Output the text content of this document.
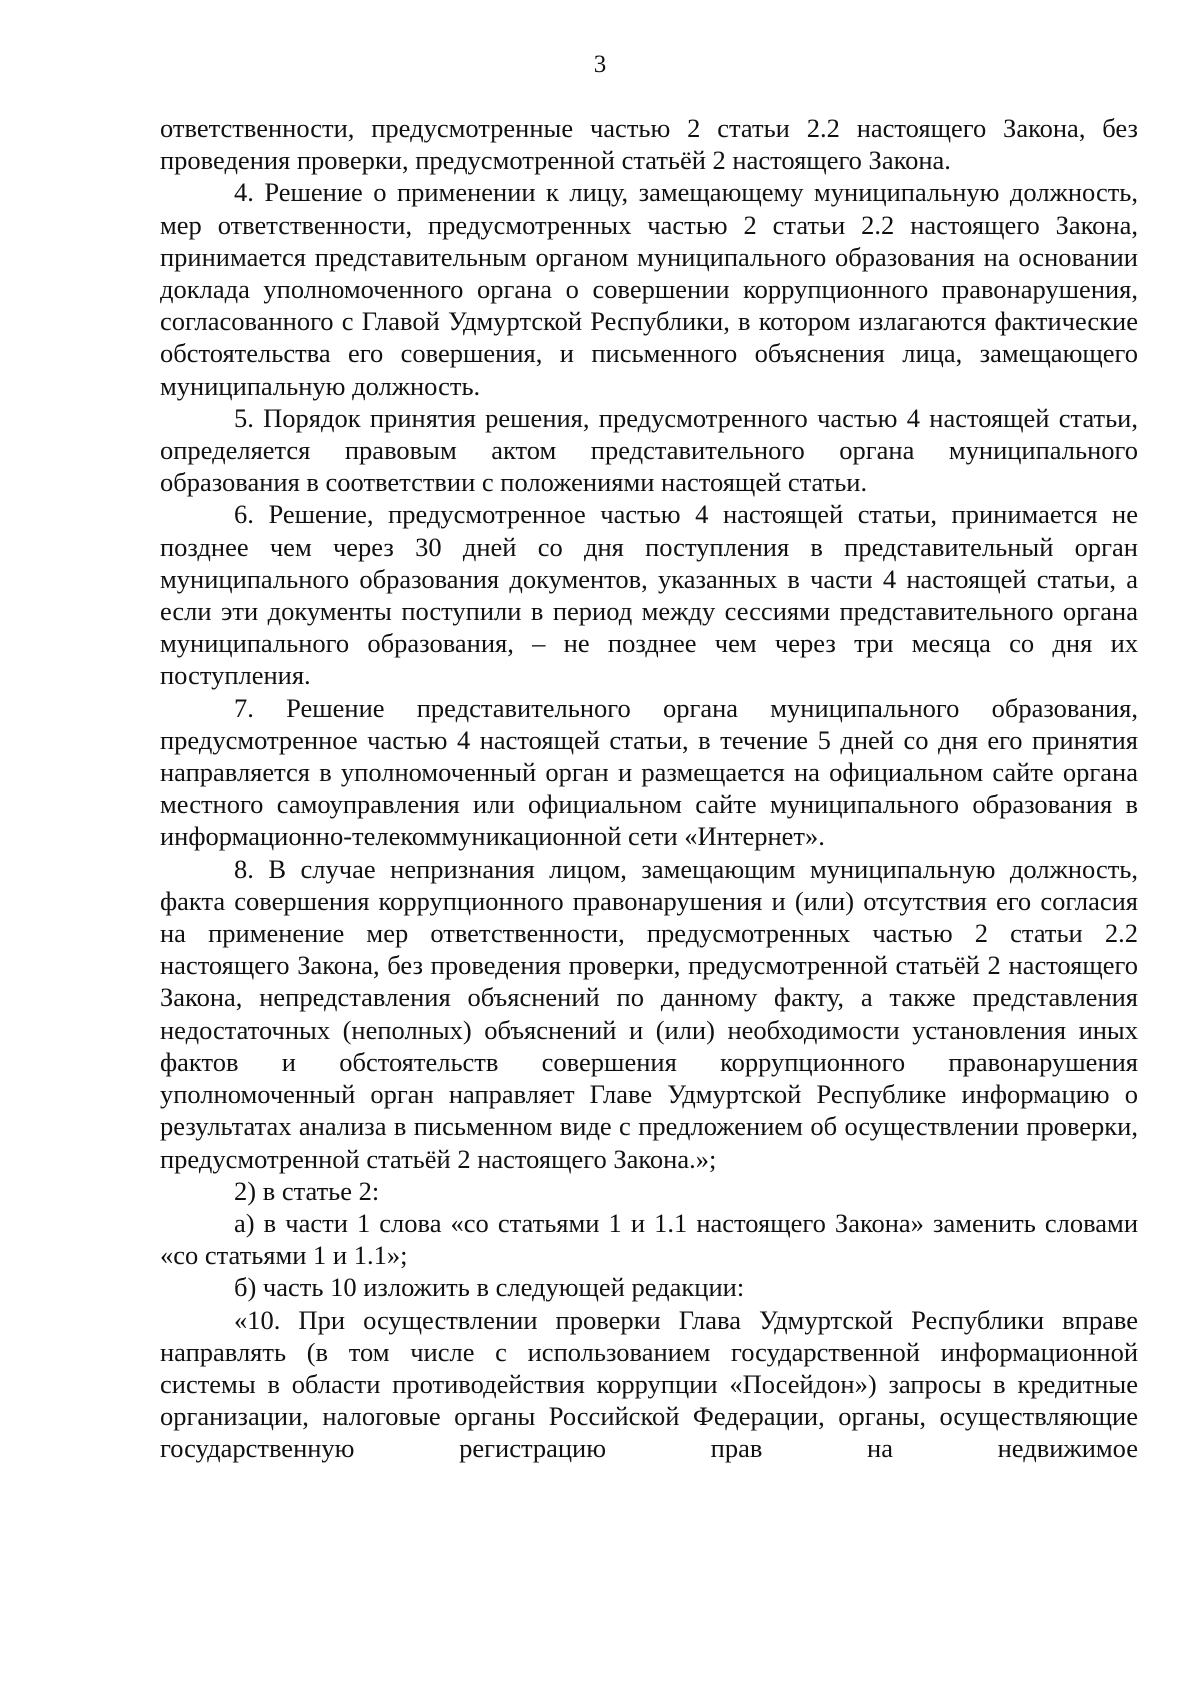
3

ответственности, предусмотренные частью 2 статьи 2.2 настоящего Закона, без проведения проверки, предусмотренной статьёй 2 настоящего Закона.

4. Решение о применении к лицу, замещающему муниципальную должность, мер ответственности, предусмотренных частью 2 статьи 2.2 настоящего Закона, принимается представительным органом муниципального образования на основании доклада уполномоченного органа о совершении коррупционного правонарушения, согласованного с Главой Удмуртской Республики, в котором излагаются фактические обстоятельства его совершения, и письменного объяснения лица, замещающего муниципальную должность.

5. Порядок принятия решения, предусмотренного частью 4 настоящей статьи, определяется правовым актом представительного органа муниципального образования в соответствии с положениями настоящей статьи.

6. Решение, предусмотренное частью 4 настоящей статьи, принимается не позднее чем через 30 дней со дня поступления в представительный орган муниципального образования документов, указанных в части 4 настоящей статьи, а если эти документы поступили в период между сессиями представительного органа муниципального образования, – не позднее чем через три месяца со дня их поступления.

7. Решение представительного органа муниципального образования, предусмотренное частью 4 настоящей статьи, в течение 5 дней со дня его принятия направляется в уполномоченный орган и размещается на официальном сайте органа местного самоуправления или официальном сайте муниципального образования в информационно-телекоммуникационной сети «Интернет».

8. В случае непризнания лицом, замещающим муниципальную должность, факта совершения коррупционного правонарушения и (или) отсутствия его согласия на применение мер ответственности, предусмотренных частью 2 статьи 2.2 настоящего Закона, без проведения проверки, предусмотренной статьёй 2 настоящего Закона, непредставления объяснений по данному факту, а также представления недостаточных (неполных) объяснений и (или) необходимости установления иных фактов и обстоятельств совершения коррупционного правонарушения уполномоченный орган направляет Главе Удмуртской Республике информацию о результатах анализа в письменном виде с предложением об осуществлении проверки, предусмотренной статьёй 2 настоящего Закона.»;

2) в статье 2:

а) в части 1 слова «со статьями 1 и 1.1 настоящего Закона» заменить словами «со статьями 1 и 1.1»;

б) часть 10 изложить в следующей редакции:

«10. При осуществлении проверки Глава Удмуртской Республики вправе направлять (в том числе с использованием государственной информационной системы в области противодействия коррупции «Посейдон») запросы в кредитные организации, налоговые органы Российской Федерации, органы, осуществляющие государственную регистрацию прав на недвижимое
